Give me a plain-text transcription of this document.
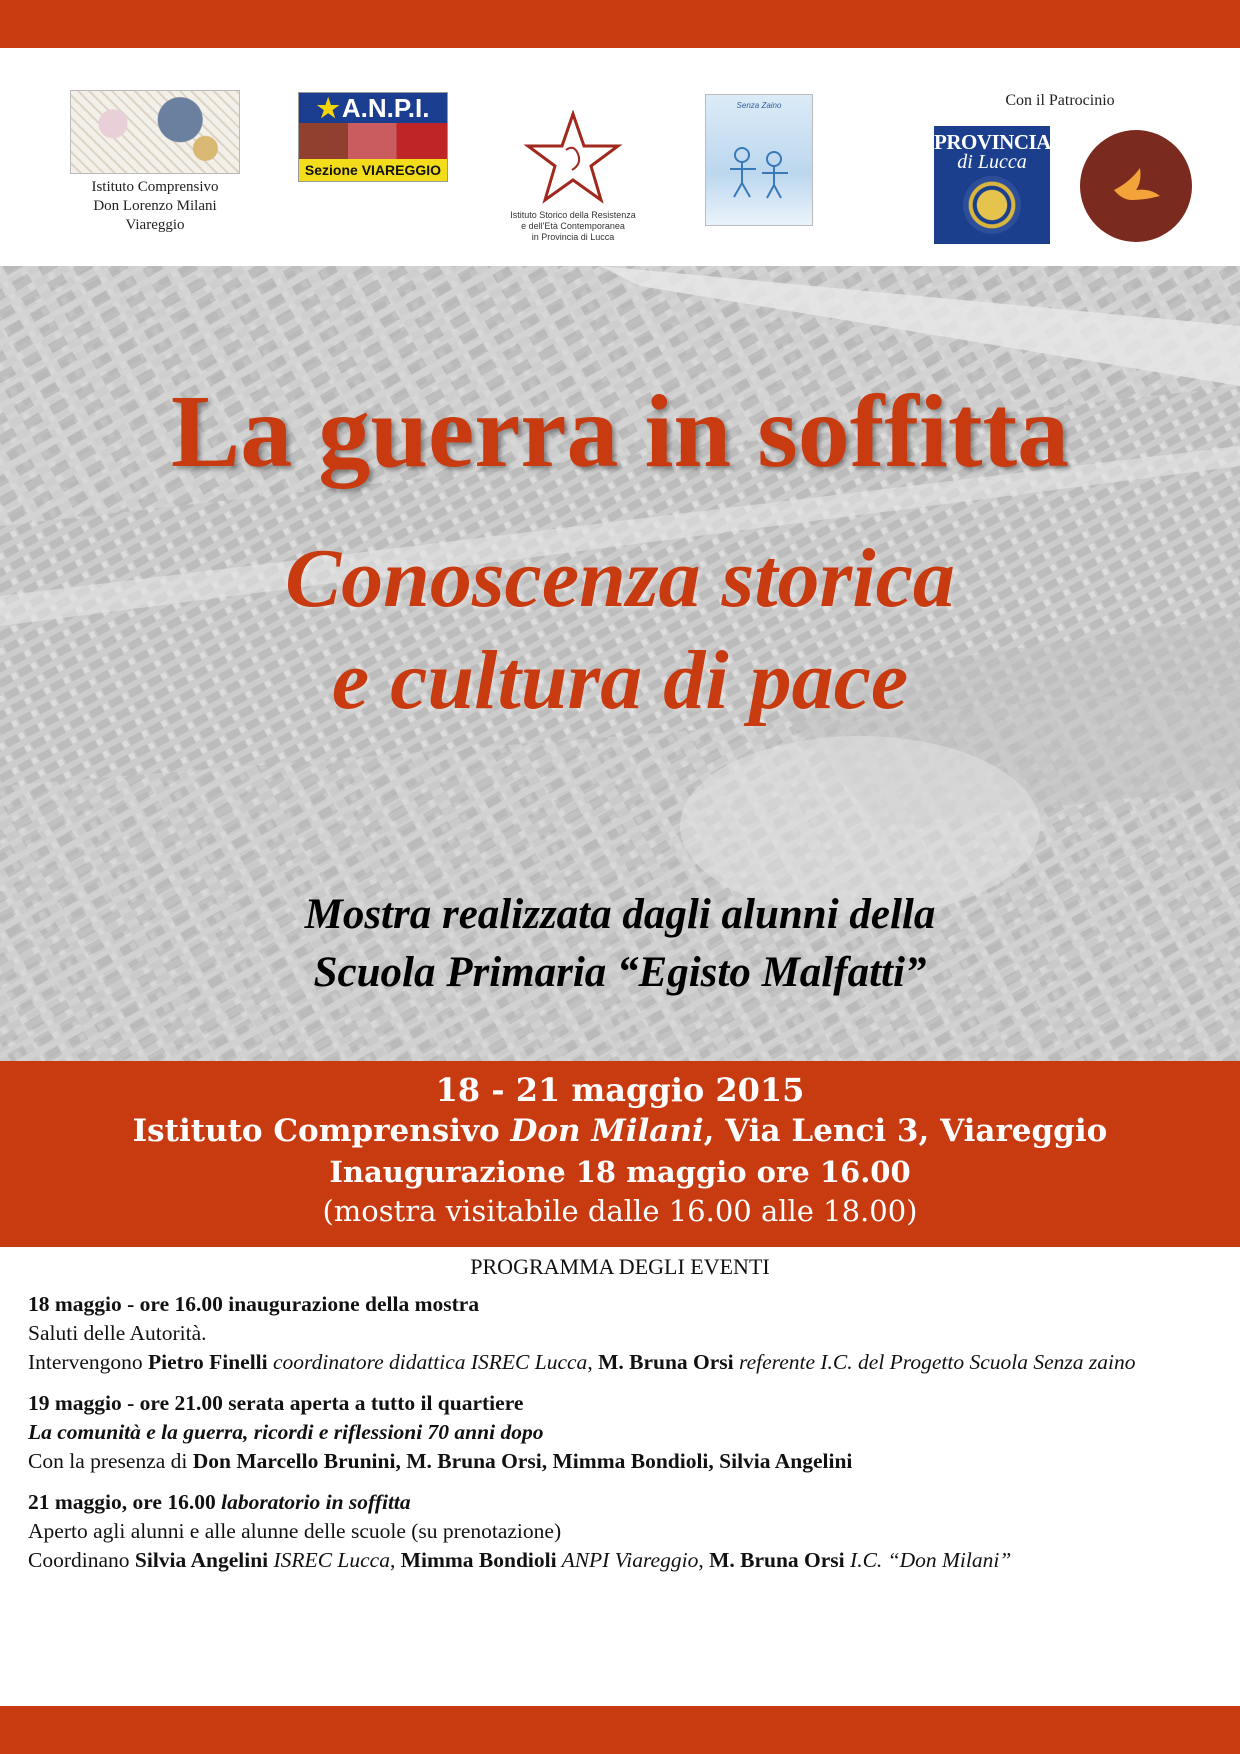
Istituto Comprensivo
Don Lorenzo Milani
Viareggio
★A.N.P.I.
Sezione VIAREGGIO
Istituto Storico della Resistenza
e dell'Età Contemporanea
in Provincia di Lucca
Senza Zaino	Con il Patrocinio
PROVINCIA
di Lucca
La guerra in soffitta
Conoscenza storica
e cultura di pace
Mostra realizzata dagli alunni della
Scuola Primaria “Egisto Malfatti”
18 - 21 maggio 2015
Istituto Comprensivo Don Milani, Via Lenci 3, Viareggio
Inaugurazione 18 maggio ore 16.00
(mostra visitabile dalle 16.00 alle 18.00)
PROGRAMMA DEGLI EVENTI
18 maggio - ore 16.00 inaugurazione della mostra
Saluti delle Autorità.
Intervengono Pietro Finelli coordinatore didattica ISREC Lucca, M. Bruna Orsi referente I.C. del Progetto Scuola Senza zaino
19 maggio - ore 21.00 serata aperta a tutto il quartiere
La comunità e la guerra, ricordi e riflessioni 70 anni dopo
Con la presenza di Don Marcello Brunini, M. Bruna Orsi, Mimma Bondioli, Silvia Angelini
21 maggio, ore 16.00 laboratorio in soffitta
Aperto agli alunni e alle alunne delle scuole (su prenotazione)
Coordinano Silvia Angelini ISREC Lucca, Mimma Bondioli ANPI Viareggio, M. Bruna Orsi I.C. “Don Milani”
